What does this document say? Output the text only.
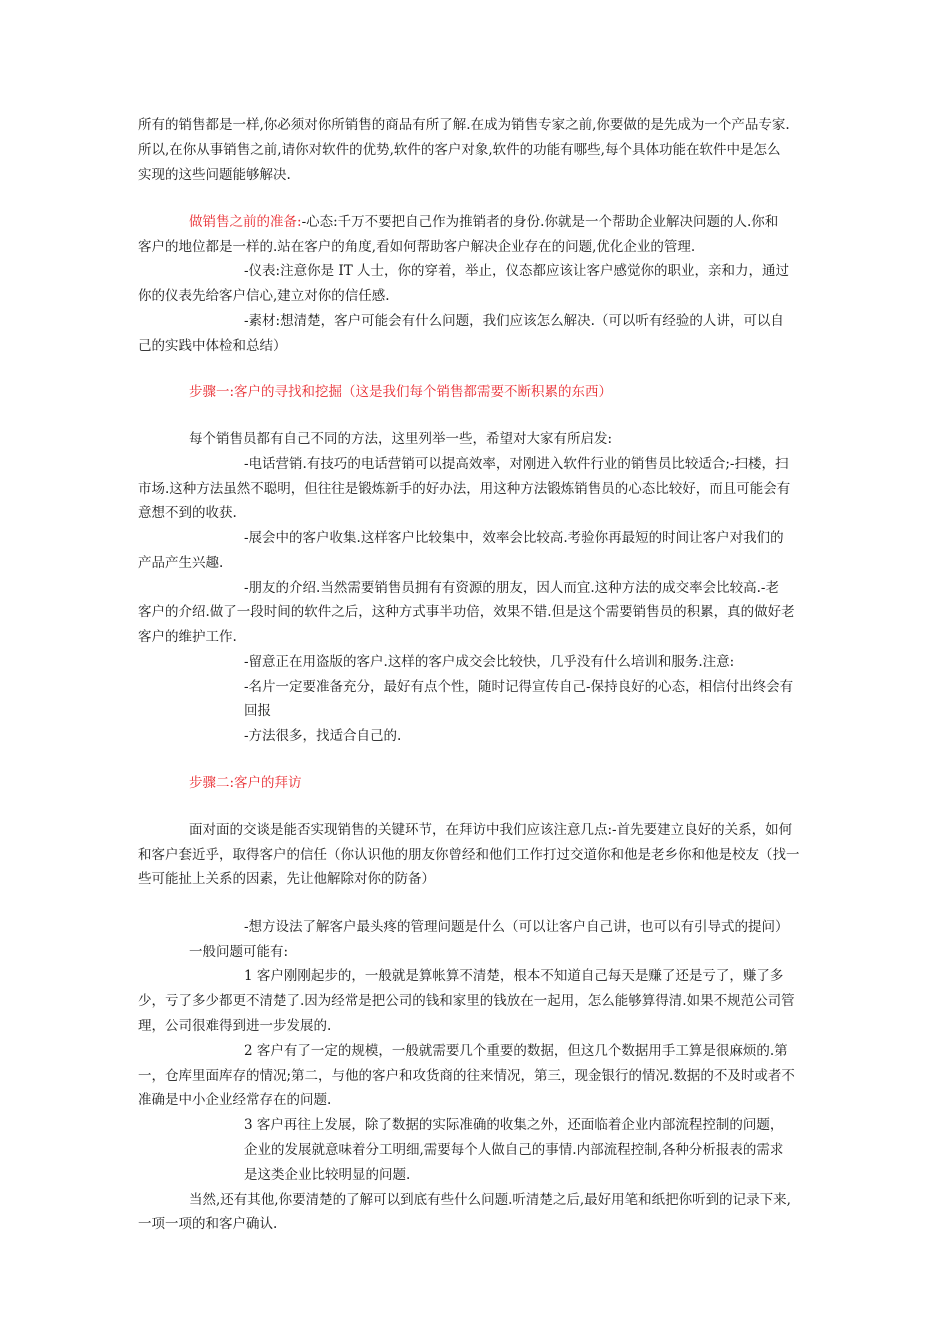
所有的销售都是一样,你必须对你所销售的商品有所了解.在成为销售专家之前,你要做的是先成为一个产品专家.
所以,在你从事销售之前,请你对软件的优势,软件的客户对象,软件的功能有哪些,每个具体功能在软件中是怎么
实现的这些问题能够解决.
做销售之前的准备:-心态:千万不要把自己作为推销者的身份.你就是一个帮助企业解决问题的人.你和
客户的地位都是一样的.站在客户的角度,看如何帮助客户解决企业存在的问题,优化企业的管理.
-仪表:注意你是 IT 人士，你的穿着，举止，仪态都应该让客户感觉你的职业，亲和力，通过
你的仪表先给客户信心,建立对你的信任感.
-素材:想清楚，客户可能会有什么问题，我们应该怎么解决.（可以听有经验的人讲，可以自
己的实践中体检和总结）
步骤一:客户的寻找和挖掘（这是我们每个销售都需要不断积累的东西）
每个销售员都有自己不同的方法，这里列举一些，希望对大家有所启发:
-电话营销.有技巧的电话营销可以提高效率，对刚进入软件行业的销售员比较适合;-扫楼，扫
市场.这种方法虽然不聪明，但往往是锻炼新手的好办法，用这种方法锻炼销售员的心态比较好，而且可能会有
意想不到的收获.
-展会中的客户收集.这样客户比较集中，效率会比较高.考验你再最短的时间让客户对我们的
产品产生兴趣.
-朋友的介绍.当然需要销售员拥有有资源的朋友，因人而宜.这种方法的成交率会比较高.-老
客户的介绍.做了一段时间的软件之后，这种方式事半功倍，效果不错.但是这个需要销售员的积累，真的做好老
客户的维护工作.
-留意正在用盗版的客户.这样的客户成交会比较快，几乎没有什么培训和服务.注意:
-名片一定要准备充分，最好有点个性，随时记得宣传自己-保持良好的心态，相信付出终会有
回报
-方法很多，找适合自己的.
步骤二:客户的拜访
面对面的交谈是能否实现销售的关键环节，在拜访中我们应该注意几点:-首先要建立良好的关系，如何
和客户套近乎，取得客户的信任（你认识他的朋友你曾经和他们工作打过交道你和他是老乡你和他是校友（找一
些可能扯上关系的因素，先让他解除对你的防备）
-想方设法了解客户最头疼的管理问题是什么（可以让客户自己讲，也可以有引导式的提问）
一般问题可能有:
1 客户刚刚起步的，一般就是算帐算不清楚，根本不知道自己每天是赚了还是亏了，赚了多
少，亏了多少都更不清楚了.因为经常是把公司的钱和家里的钱放在一起用，怎么能够算得清.如果不规范公司管
理，公司很难得到进一步发展的.
2 客户有了一定的规模，一般就需要几个重要的数据，但这几个数据用手工算是很麻烦的.第
一，仓库里面库存的情况;第二，与他的客户和攻货商的往来情况，第三，现金银行的情况.数据的不及时或者不
准确是中小企业经常存在的问题.
3 客户再往上发展，除了数据的实际准确的收集之外，还面临着企业内部流程控制的问题，
企业的发展就意味着分工明细,需要每个人做自己的事情.内部流程控制,各种分析报表的需求
是这类企业比较明显的问题.
当然,还有其他,你要清楚的了解可以到底有些什么问题.听清楚之后,最好用笔和纸把你听到的记录下来,
一项一项的和客户确认.
